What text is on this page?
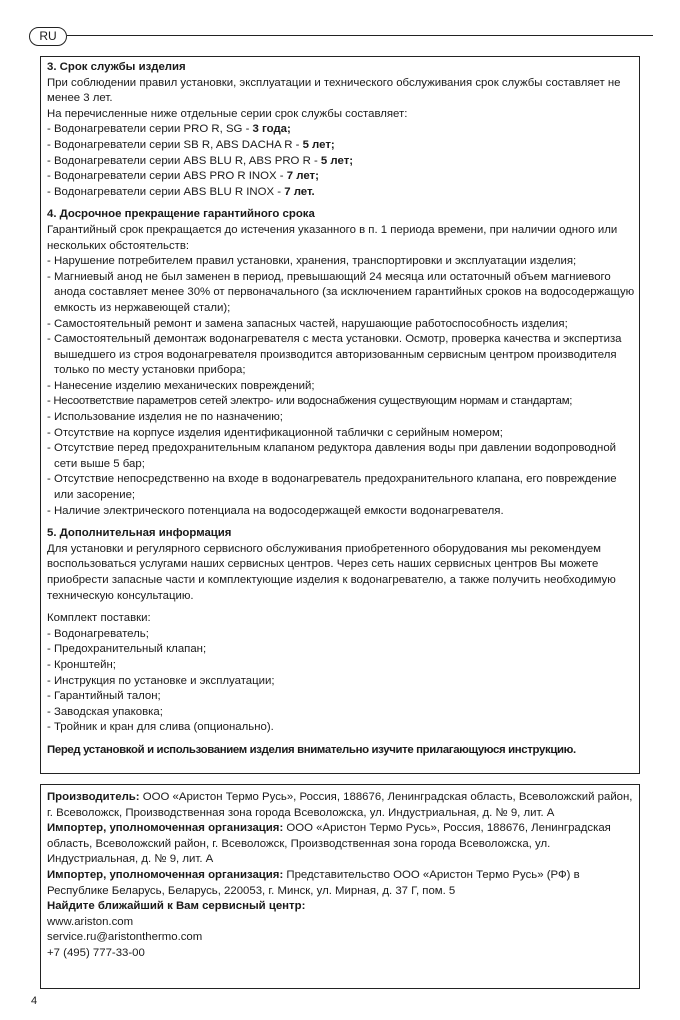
RU

3. Срок службы изделия

При соблюдении правил установки, эксплуатации и технического обслуживания срок службы составляет не менее 3 лет.

На перечисленные ниже отдельные серии срок службы составляет:

- Водонагреватели серии PRO R, SG - 3 года;

- Водонагреватели серии SB R, ABS DACHA R - 5 лет;

- Водонагреватели серии ABS BLU R, ABS PRO R - 5 лет;

- Водонагреватели серии ABS PRO R INOX - 7 лет;

- Водонагреватели серии ABS BLU R INOX - 7 лет.

4. Досрочное прекращение гарантийного срока

Гарантийный срок прекращается до истечения указанного в п. 1 периода времени, при наличии одного или нескольких обстоятельств:

- Нарушение потребителем правил установки, хранения, транспортировки и эксплуатации изделия;

- Магниевый анод не был заменен в период, превышающий 24 месяца или остаточный объем магниевого анода составляет менее 30% от первоначального (за исключением гарантийных сроков на водосодержащую емкость из нержавеющей стали);

- Самостоятельный ремонт и замена запасных частей, нарушающие работоспособность изделия;

- Самостоятельный демонтаж водонагревателя с места установки. Осмотр, проверка качества и экспертиза вышедшего из строя водонагревателя производится авторизованным сервисным центром производителя только по месту установки прибора;

- Нанесение изделию механических повреждений;

- Несоответствие параметров сетей электро- или водоснабжения существующим нормам и стандартам;

- Использование изделия не по назначению;

- Отсутствие на корпусе изделия идентификационной таблички с серийным номером;

- Отсутствие перед предохранительным клапаном редуктора давления воды при давлении водопроводной сети выше 5 бар;

- Отсутствие непосредственно на входе в водонагреватель предохранительного клапана, его повреждение или засорение;

- Наличие электрического потенциала на водосодержащей емкости водонагревателя.

5. Дополнительная информация

Для установки и регулярного сервисного обслуживания приобретенного оборудования мы рекомендуем воспользоваться услугами наших сервисных центров. Через сеть наших сервисных центров Вы можете приобрести запасные части и комплектующие изделия к водонагревателю, а также получить необходимую техническую консультацию.

Комплект поставки:

- Водонагреватель;

- Предохранительный клапан;

- Кронштейн;

- Инструкция по установке и эксплуатации;

- Гарантийный талон;

- Заводская упаковка;

- Тройник и кран для слива (опционально).

Перед установкой и использованием изделия внимательно изучите прилагающуюся инструкцию.

Производитель: ООО «Аристон Термо Русь», Россия, 188676, Ленинградская область, Всеволожский район, г. Всеволожск, Производственная зона города Всеволожска, ул. Индустриальная, д. № 9, лит. А

Импортер, уполномоченная организация: ООО «Аристон Термо Русь», Россия, 188676, Ленинградская область, Всеволожский район, г. Всеволожск, Производственная зона города Всеволожска, ул. Индустриальная, д. № 9, лит. А

Импортер, уполномоченная организация: Представительство ООО «Аристон Термо Русь» (РФ) в Республике Беларусь, Беларусь, 220053, г. Минск, ул. Мирная, д. 37 Г, пом. 5

Найдите ближайший к Вам сервисный центр:

www.ariston.com

service.ru@aristonthermo.com

+7 (495) 777-33-00

4
